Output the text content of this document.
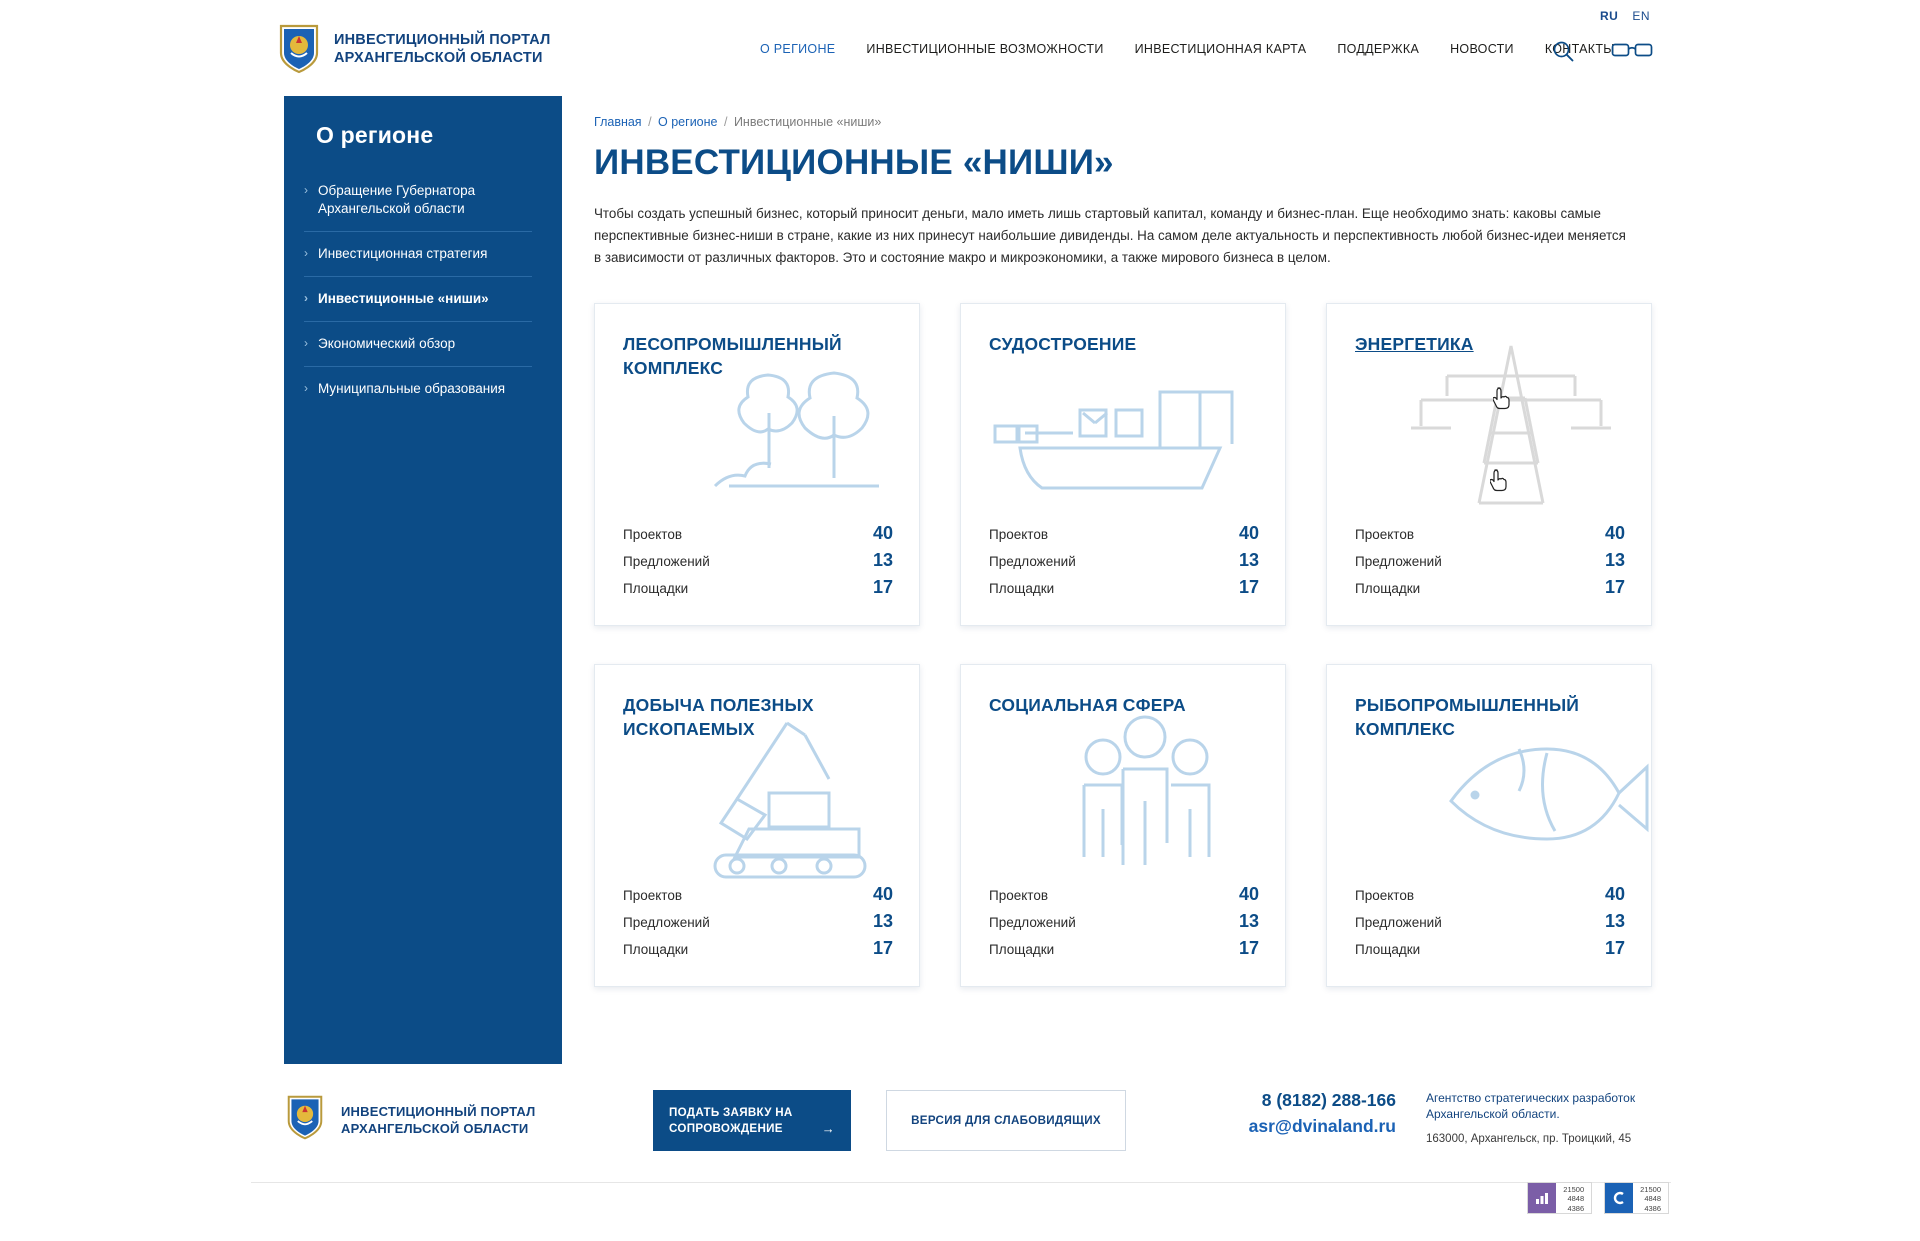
RU EN
ИНВЕСТИЦИОННЫЙ ПОРТАЛ
АРХАНГЕЛЬСКОЙ ОБЛАСТИ
О РЕГИОНЕ ИНВЕСТИЦИОННЫЕ ВОЗМОЖНОСТИ ИНВЕСТИЦИОННАЯ КАРТА ПОДДЕРЖКА НОВОСТИ КОНТАКТЫ
О регионе
› Обращение Губернатора Архангельской области
› Инвестиционная стратегия
› Инвестиционные «ниши»
› Экономический обзор
› Муниципальные образования
Главная / О регионе / Инвестиционные «ниши»
ИНВЕСТИЦИОННЫЕ «НИШИ»

Чтобы создать успешный бизнес, который приносит деньги, мало иметь лишь стартовый капитал, команду и бизнес-план. Еще необходимо знать: каковы самые перспективные бизнес-ниши в стране, какие из них принесут наибольшие дивиденды. На самом деле актуальность и перспективность любой бизнес-идеи меняется в зависимости от различных факторов. Это и состояние макро и микроэкономики, а также мирового бизнеса в целом.

ЛЕСОПРОМЫШЛЕННЫЙ КОМПЛЕКС
Проектов	40
Предложений	13
Площадки	17
СУДОСТРОЕНИЕ
Проектов	40
Предложений	13
Площадки	17
ЭНЕРГЕТИКА
Проектов	40
Предложений	13
Площадки	17
ДОБЫЧА ПОЛЕЗНЫХ ИСКОПАЕМЫХ
Проектов	40
Предложений	13
Площадки	17
СОЦИАЛЬНАЯ СФЕРА
Проектов	40
Предложений	13
Площадки	17
РЫБОПРОМЫШЛЕННЫЙ КОМПЛЕКС
Проектов	40
Предложений	13
Площадки	17
ИНВЕСТИЦИОННЫЙ ПОРТАЛ
АРХАНГЕЛЬСКОЙ ОБЛАСТИ
ПОДАТЬ ЗАЯВКУ НА СОПРОВОЖДЕНИЕ	→
ВЕРСИЯ ДЛЯ СЛАБОВИДЯЩИХ
8 (8182) 288-166
asr@dvinaland.ru
Агентство стратегических разработок
Архангельской области.
163000, Архангельск, пр. Троицкий, 45
21500
4848
4386
21500
4848
4386
